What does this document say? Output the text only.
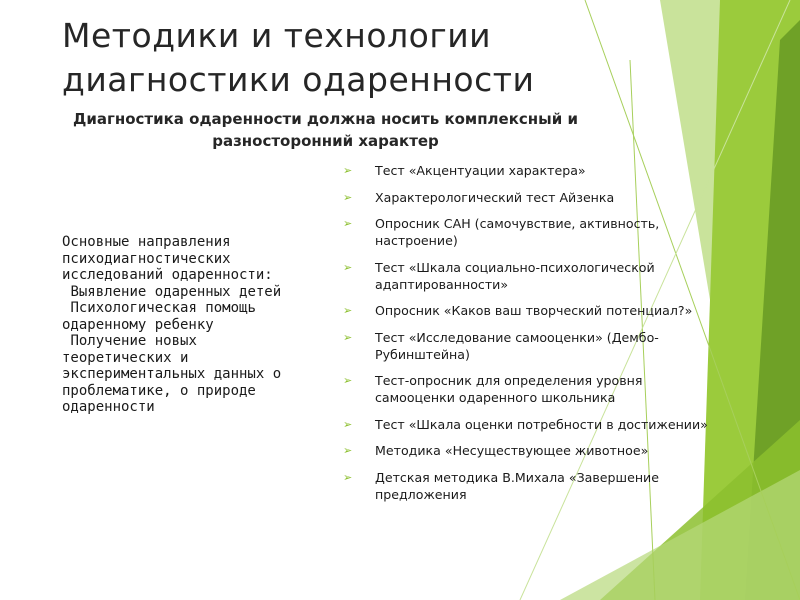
Методики и технологии диагностики одаренности
Диагностика одаренности должна носить комплексный и разносторонний характер
Основные направления психодиагностических исследований одаренности:
Выявление одаренных детей
Психологическая помощь одаренному ребенку
Получение новых теоретических и экспериментальных данных о проблематике, о природе одаренности
➢ Тест «Акцентуации характера»
➢ Характерологический тест Айзенка
➢ Опросник САН (самочувствие, активность, настроение)
➢ Тест «Шкала социально-психологической адаптированности»
➢ Опросник «Каков ваш творческий потенциал?»
➢ Тест «Исследование самооценки» (Дембо-Рубинштейна)
➢ Тест-опросник для определения уровня самооценки одаренного школьника
➢ Тест «Шкала оценки потребности в достижении»
➢ Методика «Несуществующее животное»
➢ Детская методика В.Михала «Завершение предложения
